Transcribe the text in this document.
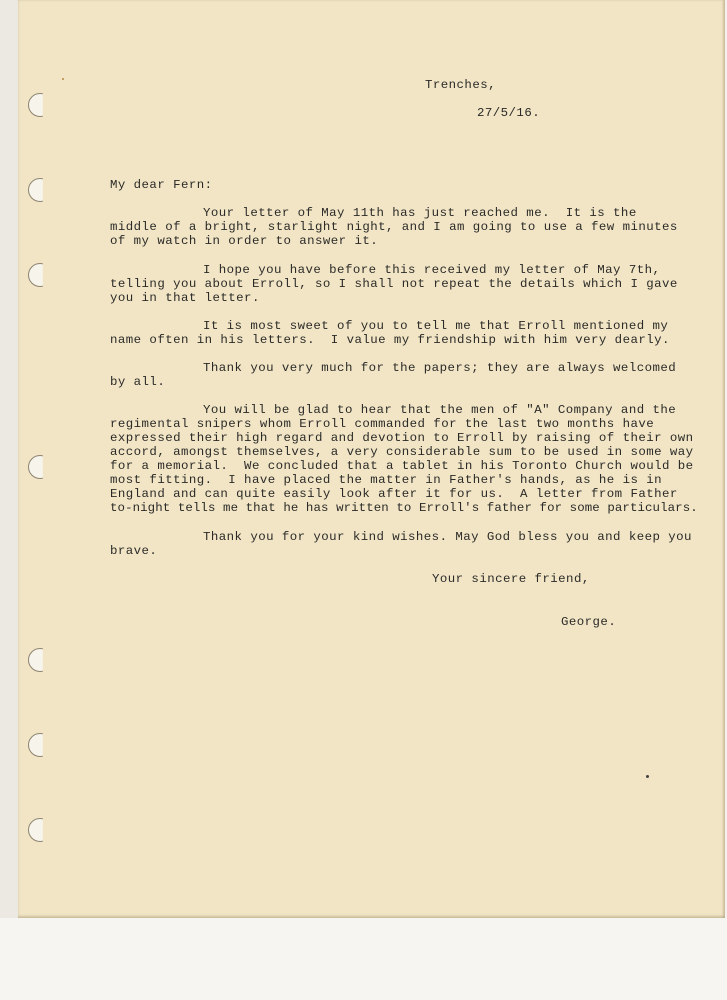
Trenches,

27/5/16.

My dear Fern:

Your letter of May 11th has just reached me.  It is the

middle of a bright, starlight night, and I am going to use a few minutes

of my watch in order to answer it.

I hope you have before this received my letter of May 7th,

telling you about Erroll, so I shall not repeat the details which I gave

you in that letter.

It is most sweet of you to tell me that Erroll mentioned my

name often in his letters.  I value my friendship with him very dearly.

Thank you very much for the papers; they are always welcomed

by all.

You will be glad to hear that the men of "A" Company and the

regimental snipers whom Erroll commanded for the last two months have

expressed their high regard and devotion to Erroll by raising of their own

accord, amongst themselves, a very considerable sum to be used in some way

for a memorial.  We concluded that a tablet in his Toronto Church would be

most fitting.  I have placed the matter in Father's hands, as he is in

England and can quite easily look after it for us.  A letter from Father

to-night tells me that he has written to Erroll's father for some particulars.

Thank you for your kind wishes. May God bless you and keep you

brave.

Your sincere friend,

George.
